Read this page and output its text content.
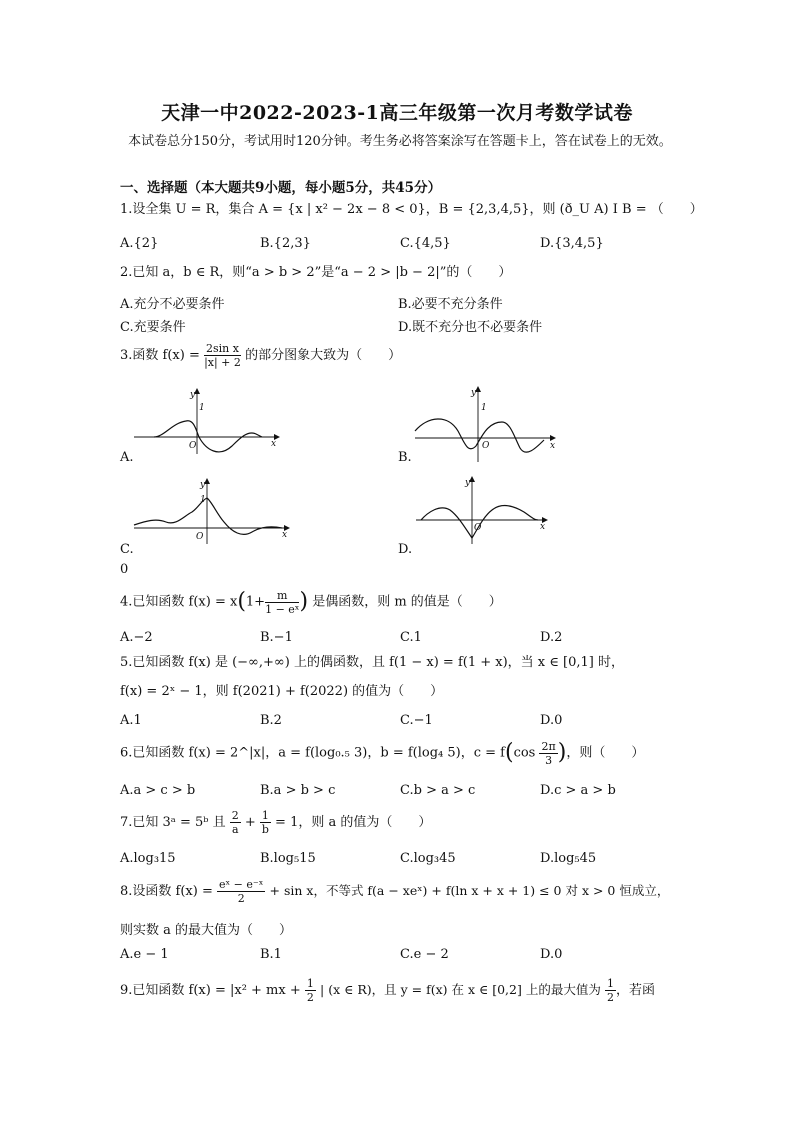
天津一中2022-2023-1高三年级第一次月考数学试卷
本试卷总分150分，考试用时120分钟。考生务必将答案涂写在答题卡上，答在试卷上的无效。
一、选择题（本大题共9小题，每小题5分，共45分）
1.设全集 U = R，集合 A = {x | x² − 2x − 8 < 0}，B = {2,3,4,5}，则 (ð_U A) I B = （　　）
A.{2}	B.{2,3}	C.{4,5}	D.{3,4,5}
2.已知 a，b ∈ R，则“a > b > 2”是“a − 2 > |b − 2|”的（　　）
A.充分不必要条件	B.必要不充分条件
C.充要条件	D.既不充分也不必要条件
3.函数 $f(x) = \frac{\text{2sin x}}{|x| + 2}$ 的部分图象大致为（　　）
y
1
O	x
A.
y
1
O	x
B.
y
1
O	x
C.
0
y
O	x
D.
4.已知函数 $f(x) = x(1+ \frac{m}{\text{1 − eˣ}}$ ) 是偶函数，则 m 的值是（　　）
A.−2	B.−1	C.1	D.2
5.已知函数 f(x) 是 (−∞,+∞) 上的偶函数，且 f(1 − x) = f(1 + x)，当 x ∈ [0,1] 时，
f(x) = 2ˣ − 1，则 f(2021) + f(2022) 的值为（　　）
A.1	B.2	C.−1	D.0
6.已知函数 f(x) = 2^|x|，a = f(log₀.₅ 3)，b = f(log₄ 5)，$c = f(\cos \frac{2\pi}{3}$ )，则（　　）
A.a > c > b	B.a > b > c	C.b > a > c	D.c > a > b
7.已知 3ᵃ = 5ᵇ 且 $\frac{2}{a} + \frac{1}{b} = 1$，则 a 的值为（　　）
A.log₃15	B.log₅15	C.log₃45	D.log₅45
8.设函数 $f(x) = \frac{\text{eˣ − e⁻ˣ}}{2} + \sin x$，不等式 f(a − xeˣ) + f(ln x + x + 1) ≤ 0 对 x > 0 恒成立，
则实数 a 的最大值为（　　）
A.e − 1	B.1	C.e − 2	D.0
9.已知函数 f(x) = |x² + mx + $\frac{1}{2}$ | (x ∈ R)，且 y = f(x) 在 x ∈ [0,2] 上的最大值为 $\frac{1}{2}$ ，若函
